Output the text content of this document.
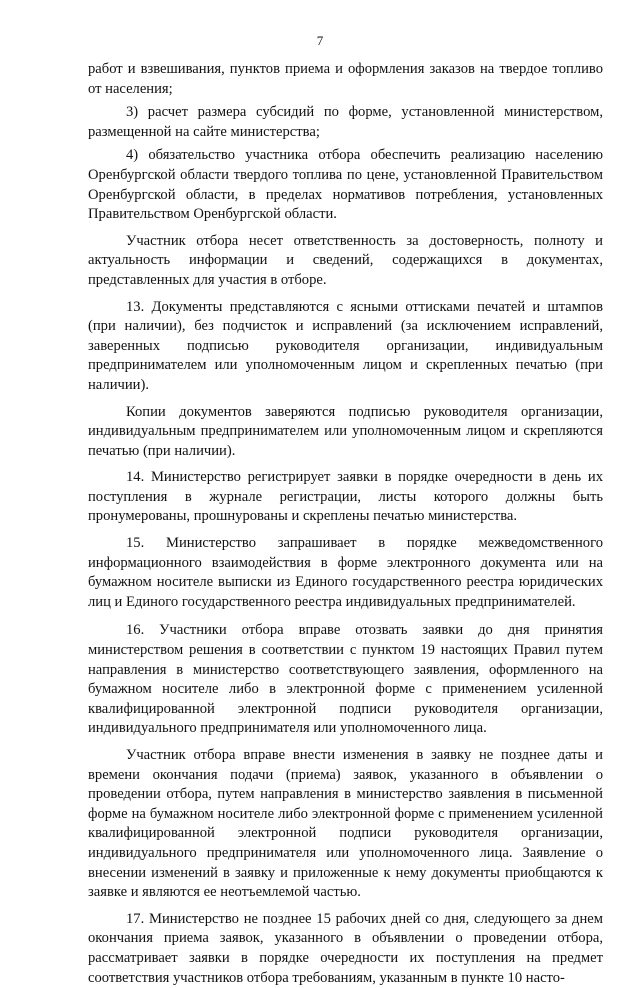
7

работ и взвешивания, пунктов приема и оформления заказов на твердое топливо от населения;

3) расчет размера субсидий по форме, установленной министерством, размещенной на сайте министерства;

4) обязательство участника отбора обеспечить реализацию населению Оренбургской области твердого топлива по цене, установленной Правительством Оренбургской области, в пределах нормативов потребления, установленных Правительством Оренбургской области.

Участник отбора несет ответственность за достоверность, полноту и актуальность информации и сведений, содержащихся в документах, представленных для участия в отборе.

13. Документы представляются с ясными оттисками печатей и штампов (при наличии), без подчисток и исправлений (за исключением исправлений, заверенных подписью руководителя организации, индивидуальным предпринимателем или уполномоченным лицом и скрепленных печатью (при наличии).

Копии документов заверяются подписью руководителя организации, индивидуальным предпринимателем или уполномоченным лицом и скрепляются печатью (при наличии).

14. Министерство регистрирует заявки в порядке очередности в день их поступления в журнале регистрации, листы которого должны быть пронумерованы, прошнурованы и скреплены печатью министерства.

15. Министерство запрашивает в порядке межведомственного информационного взаимодействия в форме электронного документа или на бумажном носителе выписки из Единого государственного реестра юридических лиц и Единого государственного реестра индивидуальных предпринимателей.

16. Участники отбора вправе отозвать заявки до дня принятия министерством решения в соответствии с пунктом 19 настоящих Правил путем направления в министерство соответствующего заявления, оформленного на бумажном носителе либо в электронной форме с применением усиленной квалифицированной электронной подписи руководителя организации, индивидуального предпринимателя или уполномоченного лица.

Участник отбора вправе внести изменения в заявку не позднее даты и времени окончания подачи (приема) заявок, указанного в объявлении о проведении отбора, путем направления в министерство заявления в письменной форме на бумажном носителе либо электронной форме с применением усиленной квалифицированной электронной подписи руководителя организации, индивидуального предпринимателя или уполномоченного лица. Заявление о внесении изменений в заявку и приложенные к нему документы приобщаются к заявке и являются ее неотъемлемой частью.

17. Министерство не позднее 15 рабочих дней со дня, следующего за днем окончания приема заявок, указанного в объявлении о проведении отбора, рассматривает заявки в порядке очередности их поступления на предмет соответствия участников отбора требованиям, указанным в пункте 10 насто-
